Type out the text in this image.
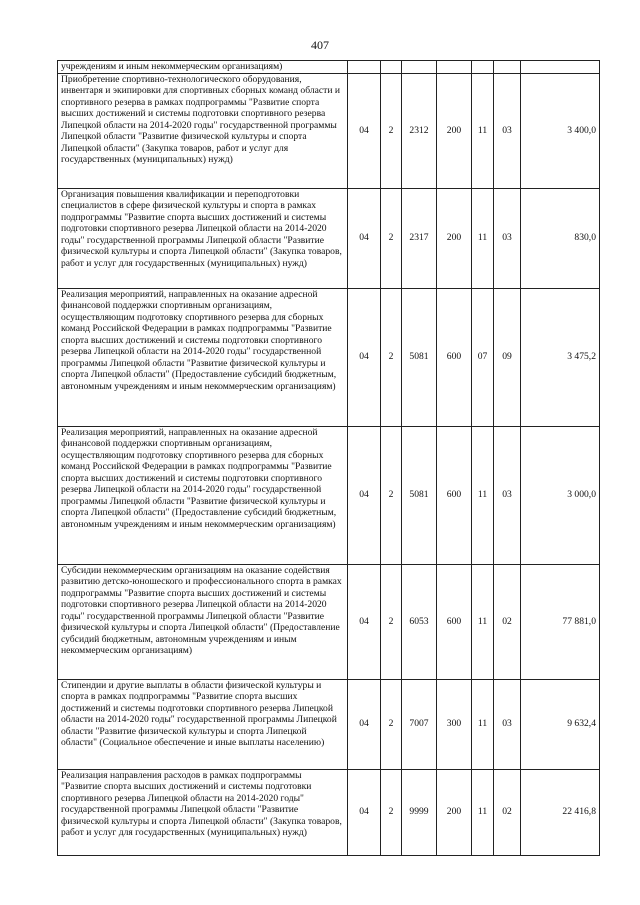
407
учреждениям и иным некоммерческим организациям)							
Приобретение спортивно-технологического оборудования, инвентаря и экипировки для спортивных сборных команд области и спортивного резерва в рамках подпрограммы "Развитие спорта высших достижений и системы подготовки спортивного резерва Липецкой области на 2014-2020 годы" государственной программы Липецкой области "Развитие физической культуры и спорта Липецкой области" (Закупка товаров, работ и услуг для государственных (муниципальных) нужд)	04	2	2312	200	11	03	3 400,0
Организация повышения квалификации и переподготовки специалистов в сфере физической культуры и спорта в рамках подпрограммы "Развитие спорта высших достижений и системы подготовки спортивного резерва Липецкой области на 2014-2020 годы" государственной программы Липецкой области "Развитие физической культуры и спорта Липецкой области" (Закупка товаров, работ и услуг для государственных (муниципальных) нужд)	04	2	2317	200	11	03	830,0
Реализация мероприятий, направленных на оказание адресной финансовой поддержки спортивным организациям, осуществляющим подготовку спортивного резерва для сборных команд Российской Федерации в рамках подпрограммы "Развитие спорта высших достижений и системы подготовки спортивного резерва Липецкой области на 2014-2020 годы" государственной программы Липецкой области "Развитие физической культуры и спорта Липецкой области" (Предоставление субсидий бюджетным, автономным учреждениям и иным некоммерческим организациям)	04	2	5081	600	07	09	3 475,2
Реализация мероприятий, направленных на оказание адресной финансовой поддержки спортивным организациям, осуществляющим подготовку спортивного резерва для сборных команд Российской Федерации в рамках подпрограммы "Развитие спорта высших достижений и системы подготовки спортивного резерва Липецкой области на 2014-2020 годы" государственной программы Липецкой области "Развитие физической культуры и спорта Липецкой области" (Предоставление субсидий бюджетным, автономным учреждениям и иным некоммерческим организациям)	04	2	5081	600	11	03	3 000,0
Субсидии некоммерческим организациям на оказание содействия развитию детско-юношеского и профессионального спорта в рамках подпрограммы "Развитие спорта высших достижений и системы подготовки спортивного резерва Липецкой области на 2014-2020 годы" государственной программы Липецкой области "Развитие физической культуры и спорта Липецкой области" (Предоставление субсидий бюджетным, автономным учреждениям и иным некоммерческим организациям)	04	2	6053	600	11	02	77 881,0
Стипендии и другие выплаты в области физической культуры и спорта в рамках подпрограммы "Развитие спорта высших достижений и системы подготовки спортивного резерва Липецкой области на 2014-2020 годы" государственной программы Липецкой области "Развитие физической культуры и спорта Липецкой области" (Социальное обеспечение и иные выплаты населению)	04	2	7007	300	11	03	9 632,4
Реализация направления расходов в рамках подпрограммы "Развитие спорта высших достижений и системы подготовки спортивного резерва Липецкой области на 2014-2020 годы" государственной программы Липецкой области "Развитие физической культуры и спорта Липецкой области" (Закупка товаров, работ и услуг для государственных (муниципальных) нужд)	04	2	9999	200	11	02	22 416,8
